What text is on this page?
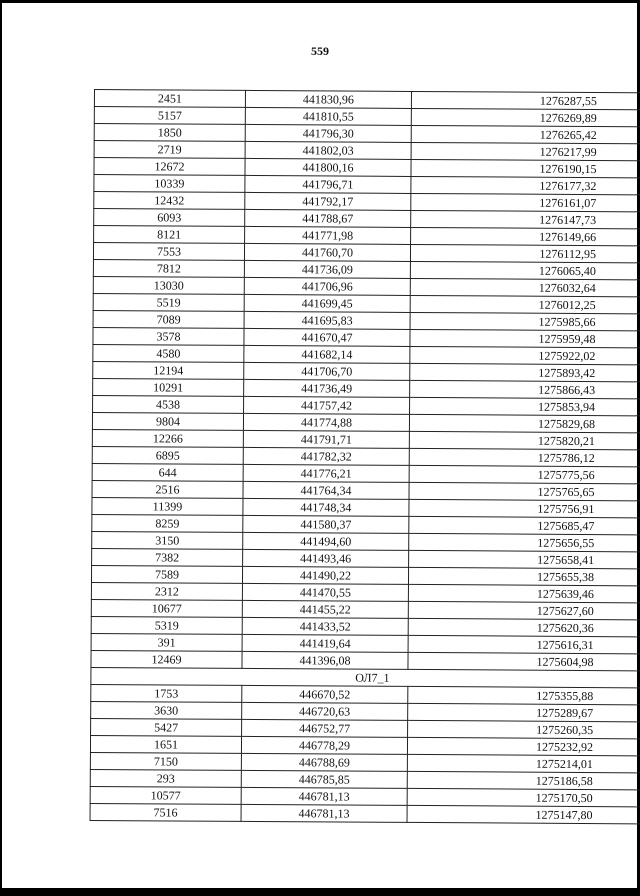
559
2451	441830,96	1276287,55
5157	441810,55	1276269,89
1850	441796,30	1276265,42
2719	441802,03	1276217,99
12672	441800,16	1276190,15
10339	441796,71	1276177,32
12432	441792,17	1276161,07
6093	441788,67	1276147,73
8121	441771,98	1276149,66
7553	441760,70	1276112,95
7812	441736,09	1276065,40
13030	441706,96	1276032,64
5519	441699,45	1276012,25
7089	441695,83	1275985,66
3578	441670,47	1275959,48
4580	441682,14	1275922,02
12194	441706,70	1275893,42
10291	441736,49	1275866,43
4538	441757,42	1275853,94
9804	441774,88	1275829,68
12266	441791,71	1275820,21
6895	441782,32	1275786,12
644	441776,21	1275775,56
2516	441764,34	1275765,65
11399	441748,34	1275756,91
8259	441580,37	1275685,47
3150	441494,60	1275656,55
7382	441493,46	1275658,41
7589	441490,22	1275655,38
2312	441470,55	1275639,46
10677	441455,22	1275627,60
5319	441433,52	1275620,36
391	441419,64	1275616,31
12469	441396,08	1275604,98
ОЛ7_1		
1753	446670,52	1275355,88
3630	446720,63	1275289,67
5427	446752,77	1275260,35
1651	446778,29	1275232,92
7150	446788,69	1275214,01
293	446785,85	1275186,58
10577	446781,13	1275170,50
7516	446781,13	1275147,80
